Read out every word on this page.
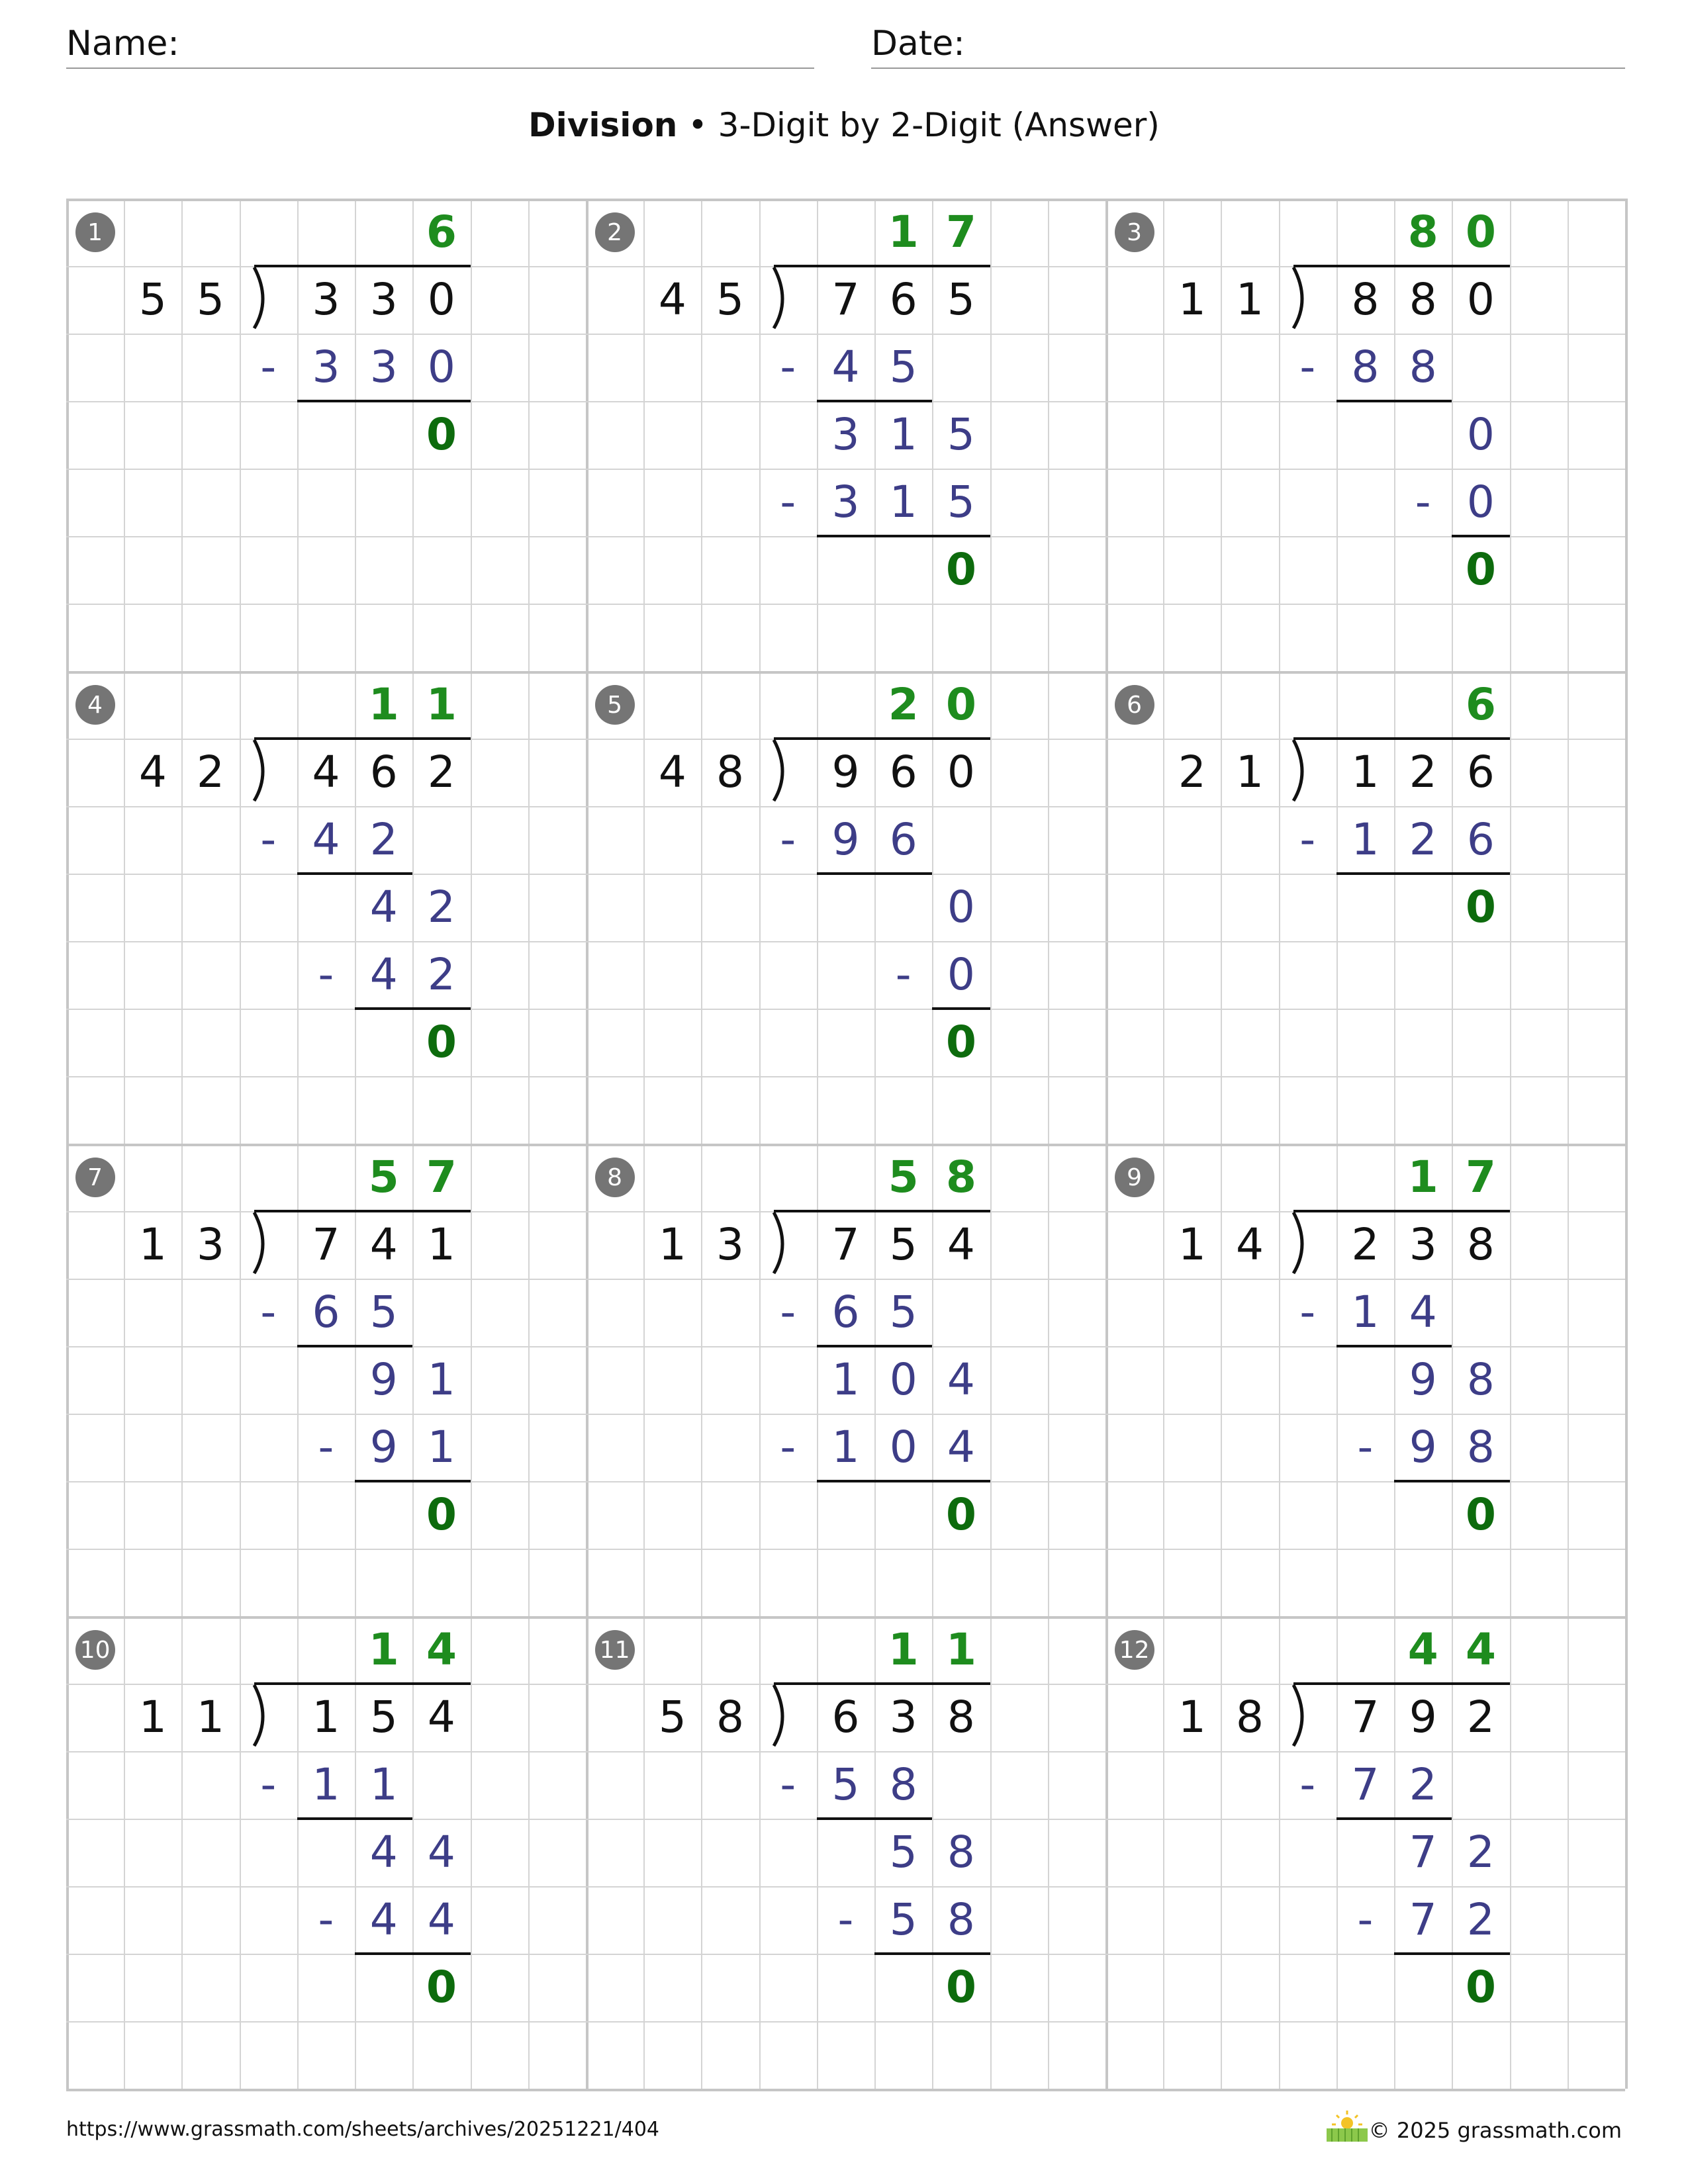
Name:	Date:
Division • 3-Digit by 2-Digit (Answer)
1
5 5	3 3 0
6
- 3 3 0
0
2
4 5	7 6 5
1 7
- 4 5
3 1 5
- 3 1 5
0
3
1 1	8 8 0
8 0
- 8 8
0
- 0
0
4
4 2	4 6 2
1 1
- 4 2
4 2
- 4 2
0
5
4 8	9 6 0
2 0
- 9 6
0
- 0
0
6
2 1	1 2 6
6
- 1 2 6
0
7
1 3	7 4 1
5 7
- 6 5
9 1
- 9 1
0
8
1 3	7 5 4
5 8
- 6 5
1 0 4
- 1 0 4
0
9
1 4	2 3 8
1 7
- 1 4
9 8
- 9 8
0
10
1 1	1 5 4
1 4
- 1 1
4 4
- 4 4
0
11
5 8	6 3 8
1 1
- 5 8
5 8
- 5 8
0
12
1 8	7 9 2
4 4
- 7 2
7 2
- 7 2
0
https://www.grassmath.com/sheets/archives/20251221/404	© 2025 grassmath.com
